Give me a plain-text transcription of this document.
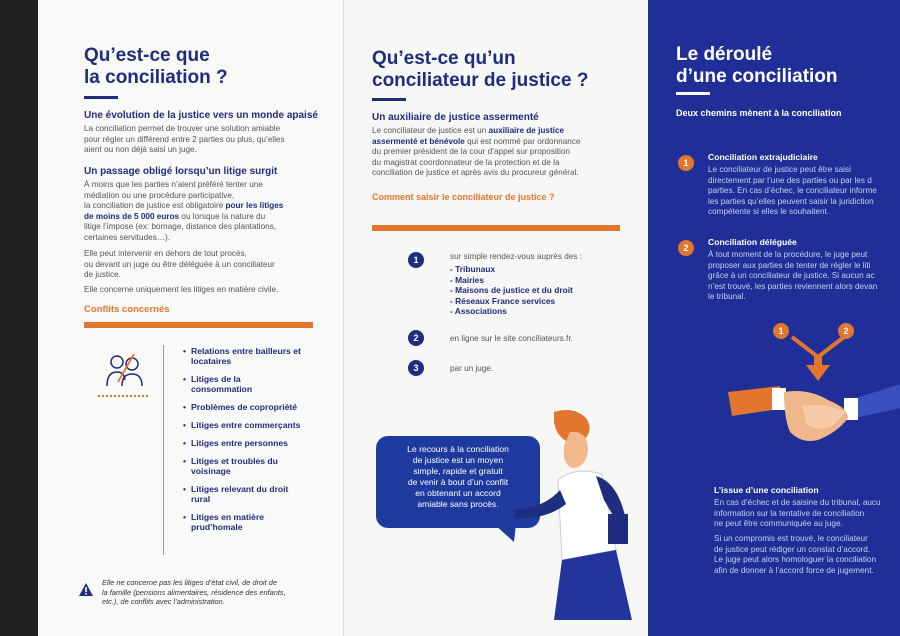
Qu’est-ce que
la conciliation ?
Une évolution de la justice vers un monde apaisé
La conciliation permet de trouver une solution amiable
pour régler un différend entre 2 parties ou plus, qu’elles
aient ou non déjà saisi un juge.
Un passage obligé lorsqu’un litige surgit
À moins que les parties n’aient préféré tenter une
médiation ou une procédure participative,
la conciliation de justice est obligatoire pour les litiges
de moins de 5 000 euros ou lorsque la nature du
litige l’impose (ex: bornage, distance des plantations,
certaines servitudes…).
Elle peut intervenir en dehors de tout procès,
ou devant un juge ou être déléguée à un conciliateur
de justice.
Elle concerne uniquement les litiges en matière civile.
Conflits concernés
• Relations entre bailleurs et locataires
• Litiges de la consommation
• Problèmes de copropriété
• Litiges entre commerçants
• Litiges entre personnes
• Litiges et troubles du voisinage
• Litiges relevant du droit rural
• Litiges en matière prud’homale
Elle ne concerne pas les litiges d’état civil, de droit de
la famille (pensions alimentaires, résidence des enfants,
etc.), de conflits avec l’administration.
Qu’est-ce qu’un
conciliateur de justice ?
Un auxiliaire de justice assermenté
Le conciliateur de justice est un auxiliaire de justice
assermenté et bénévole qui est nommé par ordonnance
du premier président de la cour d’appel sur proposition
du magistrat coordonnateur de la protection et de la
conciliation de justice et après avis du procureur général.
Comment saisir le conciliateur de justice ?
1	sur simple rendez-vous auprès des :
- Tribunaux
- Mairies
- Maisons de justice et du droit
- Réseaux France services
- Associations
2	en ligne sur le site conciliateurs.fr.
3	par un juge.
Le recours à la conciliation
de justice est un moyen
simple, rapide et gratuit
de venir à bout d’un conflit
en obtenant un accord
amiable sans procès.
Le déroulé
d’une conciliation
Deux chemins mènent à la conciliation
1
Conciliation extrajudiciaire
Le conciliateur de justice peut être saisi
directement par l’une des parties ou par les d
parties. En cas d’échec, le conciliateur informe
les parties qu’elles peuvent saisir la juridiction
compétente si elles le souhaitent.
2
Conciliation déléguée
À tout moment de la procédure, le juge peut
proposer aux parties de tenter de régler le liti
grâce à un conciliateur de justice. Si aucun ac
n’est trouvé, les parties reviennent alors devan
le tribunal.
1	2
L’issue d’une conciliation
En cas d’échec et de saisine du tribunal, aucu
information sur la tentative de conciliation
ne peut être communiquée au juge.
Si un compromis est trouvé, le conciliateur
de justice peut rédiger un constat d’accord.
Le juge peut alors homologuer la conciliation
afin de donner à l’accord force de jugement.
